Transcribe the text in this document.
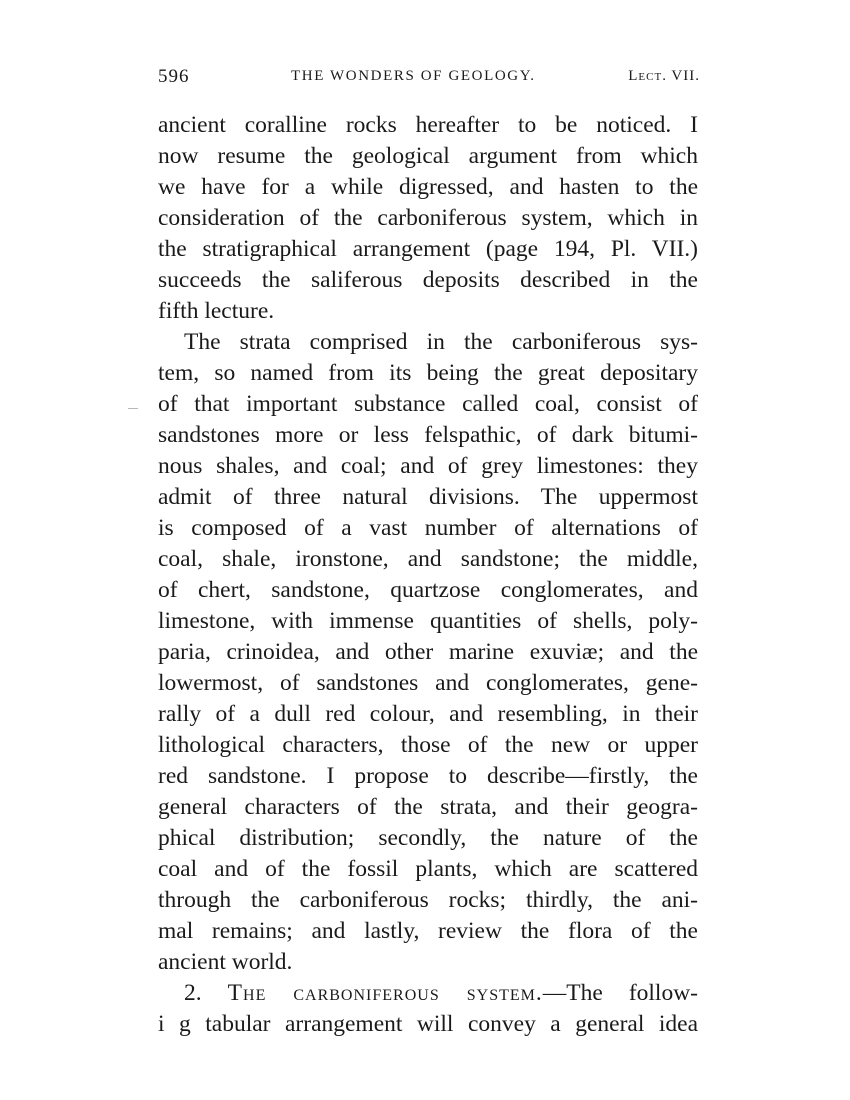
596	THE WONDERS OF GEOLOGY.	Lect. VII.
ancient coralline rocks hereafter to be noticed. I
now resume the geological argument from which
we have for a while digressed, and hasten to the
consideration of the carboniferous system, which in
the stratigraphical arrangement (page 194, Pl. VII.)
succeeds the saliferous deposits described in the
fifth lecture.
The strata comprised in the carboniferous sys-
tem, so named from its being the great depositary
of that important substance called coal, consist of
sandstones more or less felspathic, of dark bitumi-
nous shales, and coal; and of grey limestones: they
admit of three natural divisions. The uppermost
is composed of a vast number of alternations of
coal, shale, ironstone, and sandstone; the middle,
of chert, sandstone, quartzose conglomerates, and
limestone, with immense quantities of shells, poly-
paria, crinoidea, and other marine exuviæ; and the
lowermost, of sandstones and conglomerates, gene-
rally of a dull red colour, and resembling, in their
lithological characters, those of the new or upper
red sandstone. I propose to describe—firstly, the
general characters of the strata, and their geogra-
phical distribution; secondly, the nature of the
coal and of the fossil plants, which are scattered
through the carboniferous rocks; thirdly, the ani-
mal remains; and lastly, review the flora of the
ancient world.
2. The carboniferous system.—The follow-
i g tabular arrangement will convey a general idea
